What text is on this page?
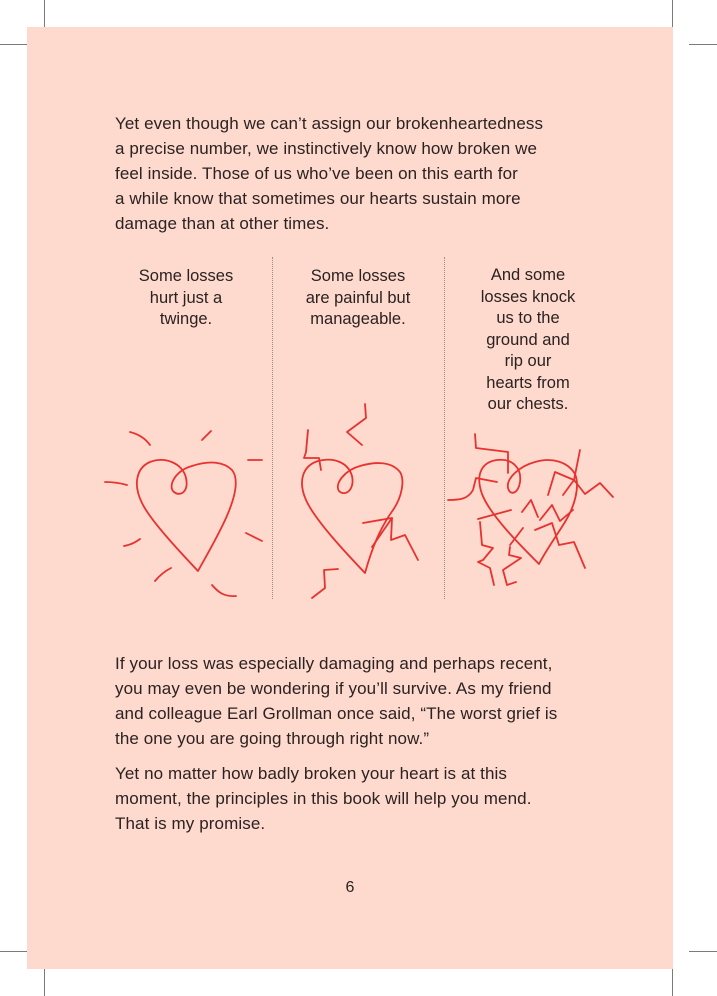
Yet even though we can’t assign our brokenheartedness
a precise number, we instinctively know how broken we
feel inside. Those of us who’ve been on this earth for
a while know that sometimes our hearts sustain more
damage than at other times.

Some losses
hurt just a
twinge.
Some losses
are painful but
manageable.
And some
losses knock
us to the
ground and
rip our
hearts from
our chests.

If your loss was especially damaging and perhaps recent,
you may even be wondering if you’ll survive. As my friend
and colleague Earl Grollman once said, “The worst grief is
the one you are going through right now.”

Yet no matter how badly broken your heart is at this
moment, the principles in this book will help you mend.
That is my promise.

6
